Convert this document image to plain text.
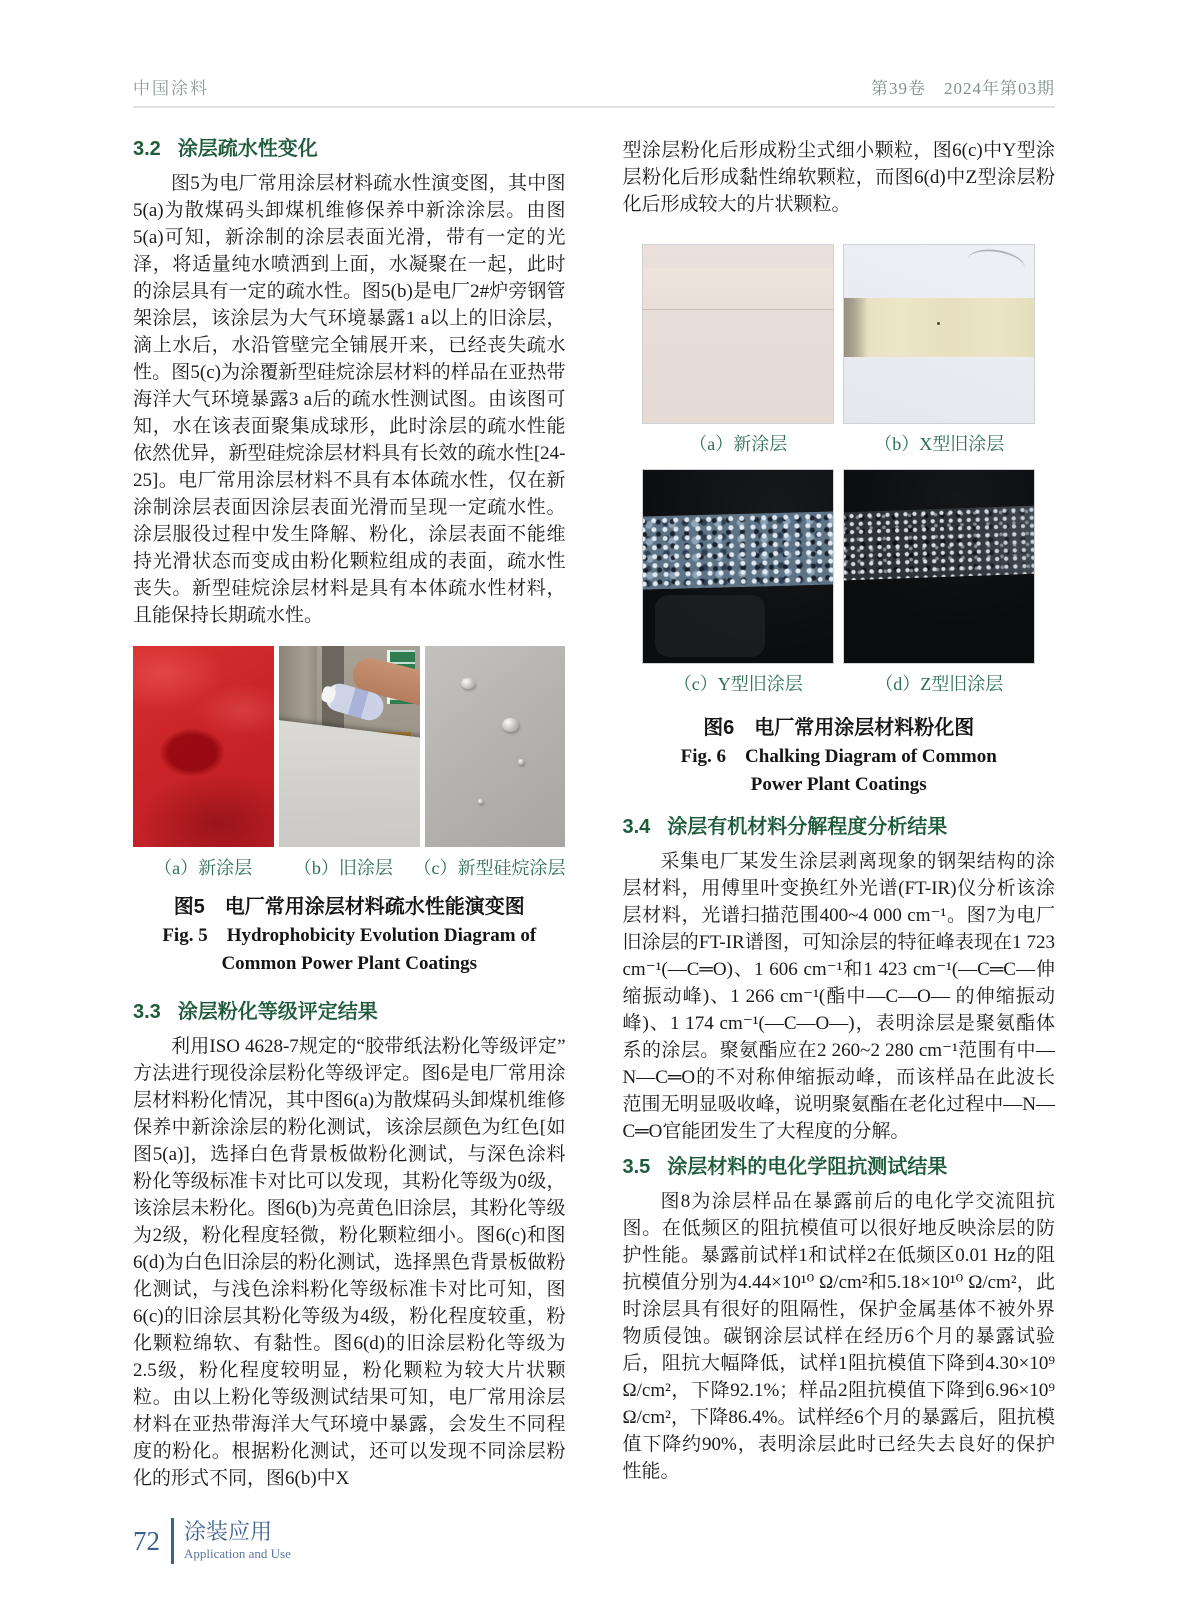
中国涂料	第39卷　2024年第03期
3.2 涂层疏水性变化

图5为电厂常用涂层材料疏水性演变图，其中图5(a)为散煤码头卸煤机维修保养中新涂涂层。由图5(a)可知，新涂制的涂层表面光滑，带有一定的光泽，将适量纯水喷洒到上面，水凝聚在一起，此时的涂层具有一定的疏水性。图5(b)是电厂2#炉旁钢管架涂层，该涂层为大气环境暴露1 a以上的旧涂层，滴上水后，水沿管壁完全铺展开来，已经丧失疏水性。图5(c)为涂覆新型硅烷涂层材料的样品在亚热带海洋大气环境暴露3 a后的疏水性测试图。由该图可知，水在该表面聚集成球形，此时涂层的疏水性能依然优异，新型硅烷涂层材料具有长效的疏水性[24-25]。电厂常用涂层材料不具有本体疏水性，仅在新涂制涂层表面因涂层表面光滑而呈现一定疏水性。涂层服役过程中发生降解、粉化，涂层表面不能维持光滑状态而变成由粉化颗粒组成的表面，疏水性丧失。新型硅烷涂层材料是具有本体疏水性材料，且能保持长期疏水性。

（a）新涂层	（b）旧涂层	（c）新型硅烷涂层
图5　电厂常用涂层材料疏水性能演变图
Fig. 5　Hydrophobicity Evolution Diagram of Common Power Plant Coatings
3.3 涂层粉化等级评定结果

利用ISO 4628-7规定的“胶带纸法粉化等级评定”方法进行现役涂层粉化等级评定。图6是电厂常用涂层材料粉化情况，其中图6(a)为散煤码头卸煤机维修保养中新涂涂层的粉化测试，该涂层颜色为红色[如图5(a)]，选择白色背景板做粉化测试，与深色涂料粉化等级标准卡对比可以发现，其粉化等级为0级，该涂层未粉化。图6(b)为亮黄色旧涂层，其粉化等级为2级，粉化程度轻微，粉化颗粒细小。图6(c)和图6(d)为白色旧涂层的粉化测试，选择黑色背景板做粉化测试，与浅色涂料粉化等级标准卡对比可知，图6(c)的旧涂层其粉化等级为4级，粉化程度较重，粉化颗粒绵软、有黏性。图6(d)的旧涂层粉化等级为2.5级，粉化程度较明显，粉化颗粒为较大片状颗粒。由以上粉化等级测试结果可知，电厂常用涂层材料在亚热带海洋大气环境中暴露，会发生不同程度的粉化。根据粉化测试，还可以发现不同涂层粉化的形式不同，图6(b)中X

型涂层粉化后形成粉尘式细小颗粒，图6(c)中Y型涂层粉化后形成黏性绵软颗粒，而图6(d)中Z型涂层粉化后形成较大的片状颗粒。

（a）新涂层	（b）X型旧涂层
（c）Y型旧涂层	（d）Z型旧涂层
图6　电厂常用涂层材料粉化图
Fig. 6　Chalking Diagram of Common Power Plant Coatings
3.4 涂层有机材料分解程度分析结果

采集电厂某发生涂层剥离现象的钢架结构的涂层材料，用傅里叶变换红外光谱(FT-IR)仪分析该涂层材料，光谱扫描范围400~4 000 cm⁻¹。图7为电厂旧涂层的FT-IR谱图，可知涂层的特征峰表现在1 723 cm⁻¹(—C═O)、1 606 cm⁻¹和1 423 cm⁻¹(—C═C—伸缩振动峰)、1 266 cm⁻¹(酯中—C—O— 的伸缩振动峰)、1 174 cm⁻¹(—C—O—)，表明涂层是聚氨酯体系的涂层。聚氨酯应在2 260~2 280 cm⁻¹范围有中—N—C═O的不对称伸缩振动峰，而该样品在此波长范围无明显吸收峰，说明聚氨酯在老化过程中—N—C═O官能团发生了大程度的分解。

3.5 涂层材料的电化学阻抗测试结果

图8为涂层样品在暴露前后的电化学交流阻抗图。在低频区的阻抗模值可以很好地反映涂层的防护性能。暴露前试样1和试样2在低频区0.01 Hz的阻抗模值分别为4.44×10¹⁰ Ω/cm²和5.18×10¹⁰ Ω/cm²，此时涂层具有很好的阻隔性，保护金属基体不被外界物质侵蚀。碳钢涂层试样在经历6个月的暴露试验后，阻抗大幅降低，试样1阻抗模值下降到4.30×10⁹ Ω/cm²，下降92.1%；样品2阻抗模值下降到6.96×10⁹ Ω/cm²，下降86.4%。试样经6个月的暴露后，阻抗模值下降约90%，表明涂层此时已经失去良好的保护性能。

72 涂装应用
Application and Use
